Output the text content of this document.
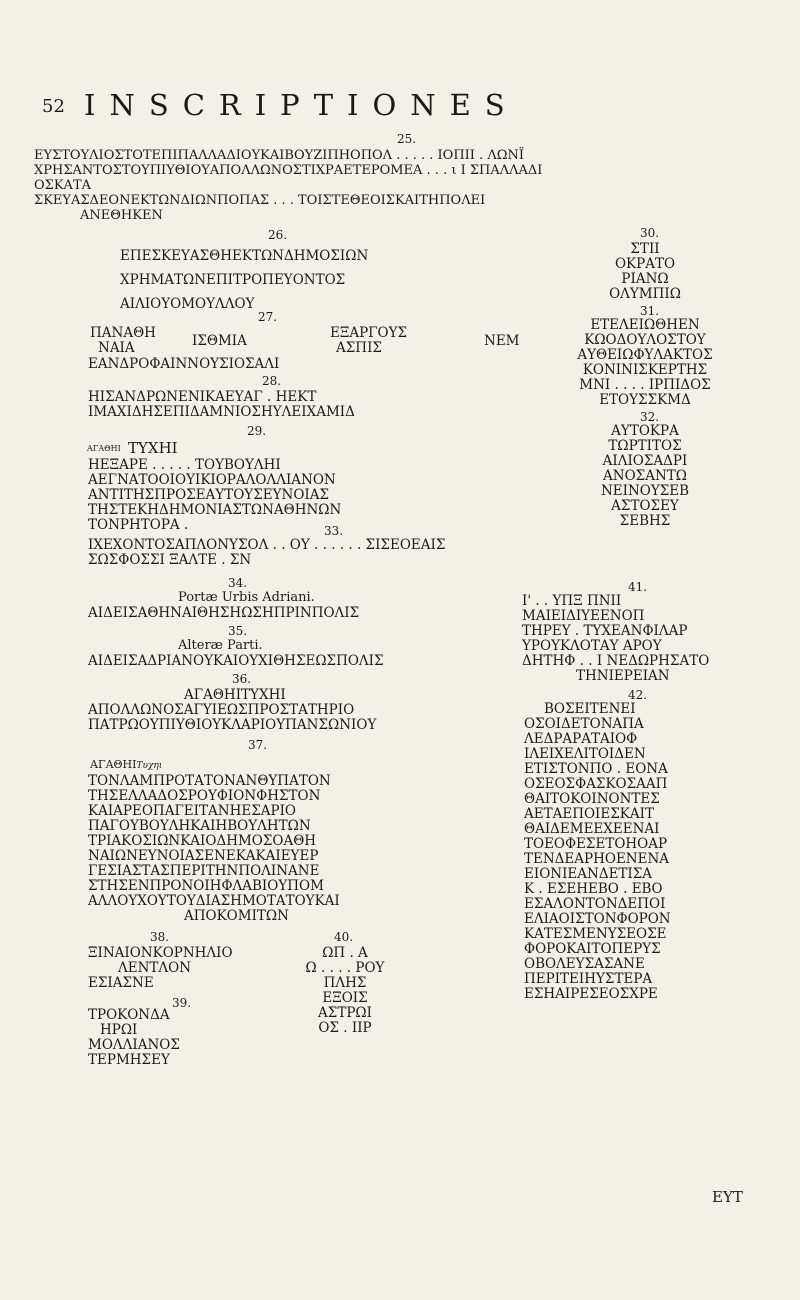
52 INSCRIPTIONES
25.
ΕΥΣΤΟΥΛΙΟΣΤΟΤΕΠΙΠΑΛΛΑΔΙΟΥΚΑΙΒΟΥΖΙΠΗΟΠΟΛ . . . . . ΙΟΠΙΙ . ΛΩΝΪ
ΧΡΗΣΑΝΤΟΣΤΟΥΠΙΥΘΙΟΥΑΠΟΛΛΩΝΟΣΤΙΧΡΑΕΤΕΡΟΜΕΑ . . . ι Ι ΣΠΑΛΛΑΔΙ
ΟΣΚΑΤΑ
ΣΚΕΥΑΣΔΕΟΝΕΚΤΩΝΔΙΩΝΠΟΠΑΣ . . . ΤΟΙΣΤΕΘΕΟΙΣΚΑΙΤΗΠΟΛΕΙ
ΑΝΕΘΗΚΕΝ
26.
ΕΠΕΣΚΕΥΑΣΘΗΕΚΤΩΝΔΗΜΟΣΙΩΝ
ΧΡΗΜΑΤΩΝΕΠΙΤΡΟΠΕΥΟΝΤΟΣ
ΑΙΛΙΟΥΟΜΟΥΛΛΟΥ
30.
ΣΤΙΙ
ΟΚΡΑΤΟ
ΡΙΑΝΩ
ΟΛΥΜΠΙΩ
27.
ΠΑΝΑΘΗ
ΝΑΙΑ	ΙΣΘΜΙΑ	ΕΞΑΡΓΟΥΣ
ΑΣΠΙΣ	ΝΕΜ
ΕΑΝΔΡΟΦΑΙΝΝΟΥΣΙΟΣΑΛΙ
31.
ΕΤΕΛΕΙΩΘΗΕΝ
ΚΩΟΔΟΥΛΟΣΤΟΥ
ΑΥΘΕΙΩΦΥΛΑΚΤΟΣ
ΚΟΝΙΝΙΣΚΕΡΤΗΣ
ΜΝΙ . . . . ΙΡΠΙΔΟΣ
ΕΤΟΥΣΣΚΜΔ
28.
ΗΙΣΑΝΔΡΩΝΕΝΙΚΑΕΥΑΓ . ΗΕΚΤ
ΙΜΑΧΙΔΗΣΕΠΙΔΑΜΝΙΟΣΗΥΛΕΙΧΑΜΙΔ
29.
ΑΓΑΘΗΙ ΤΥΧΗΙ
ΗΕΞΑΡΕ . . . . . ΤΟΥΒΟΥΛΗΙ
ΑΕΓΝΑΤΟΟΙΟΥΙΚΙΟΡΑΛΟΛΛΙΑΝΟΝ
ΑΝΤΙΤΗΣΠΡΟΣΕΑΥΤΟΥΣΕΥΝΟΙΑΣ
ΤΗΣΤΕΚΗΔΗΜΟΝΙΑΣΤΩΝΑΘΗΝΩΝ
ΤΟΝΡΗΤΟΡΑ .
32.
ΑΥΤΟΚΡΑ
ΤΩΡΤΙΤΟΣ
ΑΙΛΙΟΣΑΔΡΙ
ΑΝΟΣΑΝΤΩ
ΝΕΙΝΟΥΣΕΒ
ΑΣΤΟΣΕΥ
ΣΕΒΗΣ
33.
ΙΧΕΧΟΝΤΟΣΑΠΛΟΝΥΣΟΛ . . ΟΥ . . . . . . ΣΙΣΕΟΕΑΙΣ
ΣΩΣΦΟΣΣΙ ΞΑΛΤΕ . ΣΝ
34.
Portæ Urbis Adriani.
ΑΙΔΕΙΣΑΘΗΝΑΙΘΗΣΗΩΣΗΠΡΙΝΠΟΛΙΣ
35.
Alteræ Parti.
ΑΙΔΕΙΣΑΔΡΙΑΝΟΥΚΑΙΟΥΧΙΘΗΣΕΩΣΠΟΛΙΣ
36.
ΑΓΑΘΗΙΤΥΧΗΙ
ΑΠΟΛΛΩΝΟΣΑΓΥΙΕΩΣΠΡΟΣΤΑΤΗΡΙΟ
ΠΑΤΡΩΟΥΠΙΥΘΙΟΥΚΛΑΡΙΟΥΠΑΝΣΩΝΙΟΥ
37.
ΑΓΑΘΗΙΤυχηι
ΤΟΝΛΑΜΠΡΟΤΑΤΟΝΑΝΘΥΠΑΤΟΝ
ΤΗΣΕΛΛΑΔΟΣΡΟΥΦΙΟΝΦΗΣΤΟΝ
ΚΑΙΑΡΕΟΠΑΓΕΙΤΑΝΗΕΣΑΡΙΟ
ΠΑΓΟΥΒΟΥΛΗΚΑΙΗΒΟΥΛΗΤΩΝ
ΤΡΙΑΚΟΣΙΩΝΚΑΙΟΔΗΜΟΣΟΑΘΗ
ΝΑΙΩΝΕΥΝΟΙΑΣΕΝΕΚΑΚΑΙΕΥΕΡ
ΓΕΣΙΑΣΤΑΣΠΕΡΙΤΗΝΠΟΛΙΝΑΝΕ
ΣΤΗΣΕΝΠΡΟΝΟΙΗΦΛΑΒΙΟΥΠΟΜ
ΑΛΛΟΥΧΟΥΤΟΥΔΙΑΣΗΜΟΤΑΤΟΥΚΑΙ
ΑΠΟΚΟΜΙΤΩΝ
38.
ΞΙΝΑΙΟΝΚΟΡΝΗΛΙΟ
ΛΕΝΤΛΟΝ
ΕΣΙΑΣΝΕ
39.
ΤΡΟΚΟΝΔΑ
ΗΡΩΙ
ΜΟΛΛΙΑΝΟΣ
ΤΕΡΜΗΣΕΥ
40.
ΩΠ . Α
Ω . . . . ΡΟΥ
ΠΛΗΣ
ΕΞΟΙΣ
ΑΣΤΡΩΙ
ΟΣ . ΙΙΡ
41.
Ι' . . ΥΠΞ ΠΝΙΙ
ΜΑΙΕΙΔΙΥΕΕΝΟΠ
ΤΗΡΕΥ . ΤΥΧΕΑΝΦΙΛΑΡ
ΥΡΟΥΚΛΟΤΑΥ ΑΡΟΥ
ΔΗΤΗΦ . . Ι ΝΕΔΩΡΗΣΑΤΟ
ΤΗΝΙΕΡΕΙΑΝ
42.
ΒΟΣΕΙΤΕΝΕΙ
ΟΣΟΙΔΕΤΟΝΑΠΑ
ΛΕΔΡΑΡΑΤΑΙΟΦ
ΙΛΕΙΧΕΛΙΤΟΙΔΕΝ
ΕΤΙΣΤΟΝΠΟ . ΕΟΝΑ
ΟΣΕΟΣΦΑΣΚΟΣΑΑΠ
ΘΑΙΤΟΚΟΙΝΟΝΤΕΣ
ΑΕΤΑΕΠΟΙΕΣΚΑΙΤ
ΘΑΙΔΕΜΕΕΧΕΕΝΑΙ
ΤΟΕΟΦΕΣΕΤΟΗΟΑΡ
ΤΕΝΔΕΑΡΗΟΕΝΕΝΑ
ΕΙΟΝΙΕΑΝΔΕΤΙΣΑ
Κ . ΕΣΕΗΕΒΟ . ΕΒΟ
ΕΣΑΛΟΝΤΟΝΔΕΠΟΙ
ΕΛΙΑΟΙΣΤΟΝΦΟΡΟΝ
ΚΑΤΕΣΜΕΝΥΣΕΟΣΕ
ΦΟΡΟΚΑΙΤΟΠΕΡΥΣ
ΟΒΟΛΕΥΣΑΣΑΝΕ
ΠΕΡΙΤΕΙΗΥΣΤΕΡΑ
ΕΣΗΑΙΡΕΣΕΟΣΧΡΕ
ΕΥΤ
